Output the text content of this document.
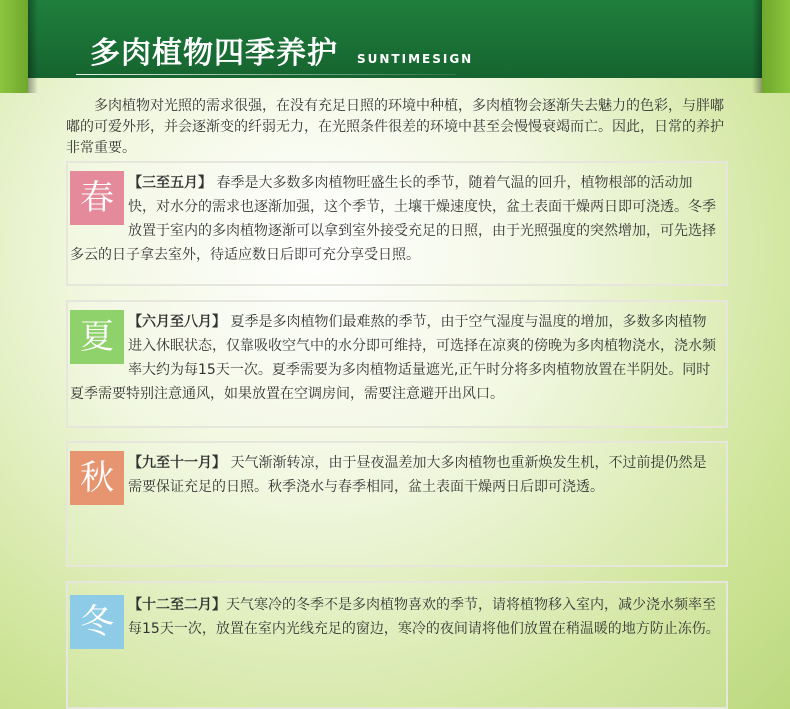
多肉植物四季养护 SUNTIMESIGN
多肉植物对光照的需求很强，在没有充足日照的环境中种植，多肉植物会逐渐失去魅力的色彩，与胖嘟嘟的可爱外形，并会逐渐变的纤弱无力，在光照条件很差的环境中甚至会慢慢衰竭而亡。因此，日常的养护非常重要。
春	【三至五月】 春季是大多数多肉植物旺盛生长的季节，随着气温的回升，植物根部的活动加快，对水分的需求也逐渐加强，这个季节，土壤干燥速度快，盆土表面干燥两日即可浇透。冬季放置于室内的多肉植物逐渐可以拿到室外接受充足的日照，由于光照强度的突然增加，可先选择多云的日子拿去室外，待适应数日后即可充分享受日照。
夏	【六月至八月】 夏季是多肉植物们最难熬的季节，由于空气湿度与温度的增加，多数多肉植物进入休眠状态，仅靠吸收空气中的水分即可维持，可选择在凉爽的傍晚为多肉植物浇水，浇水频率大约为每15天一次。夏季需要为多肉植物适量遮光,正午时分将多肉植物放置在半阴处。同时夏季需要特别注意通风，如果放置在空调房间，需要注意避开出风口。
秋	【九至十一月】 天气渐渐转凉，由于昼夜温差加大多肉植物也重新焕发生机，不过前提仍然是需要保证充足的日照。秋季浇水与春季相同，盆土表面干燥两日后即可浇透。
冬	【十二至二月】天气寒冷的冬季不是多肉植物喜欢的季节，请将植物移入室内，减少浇水频率至每15天一次，放置在室内光线充足的窗边，寒冷的夜间请将他们放置在稍温暖的地方防止冻伤。
